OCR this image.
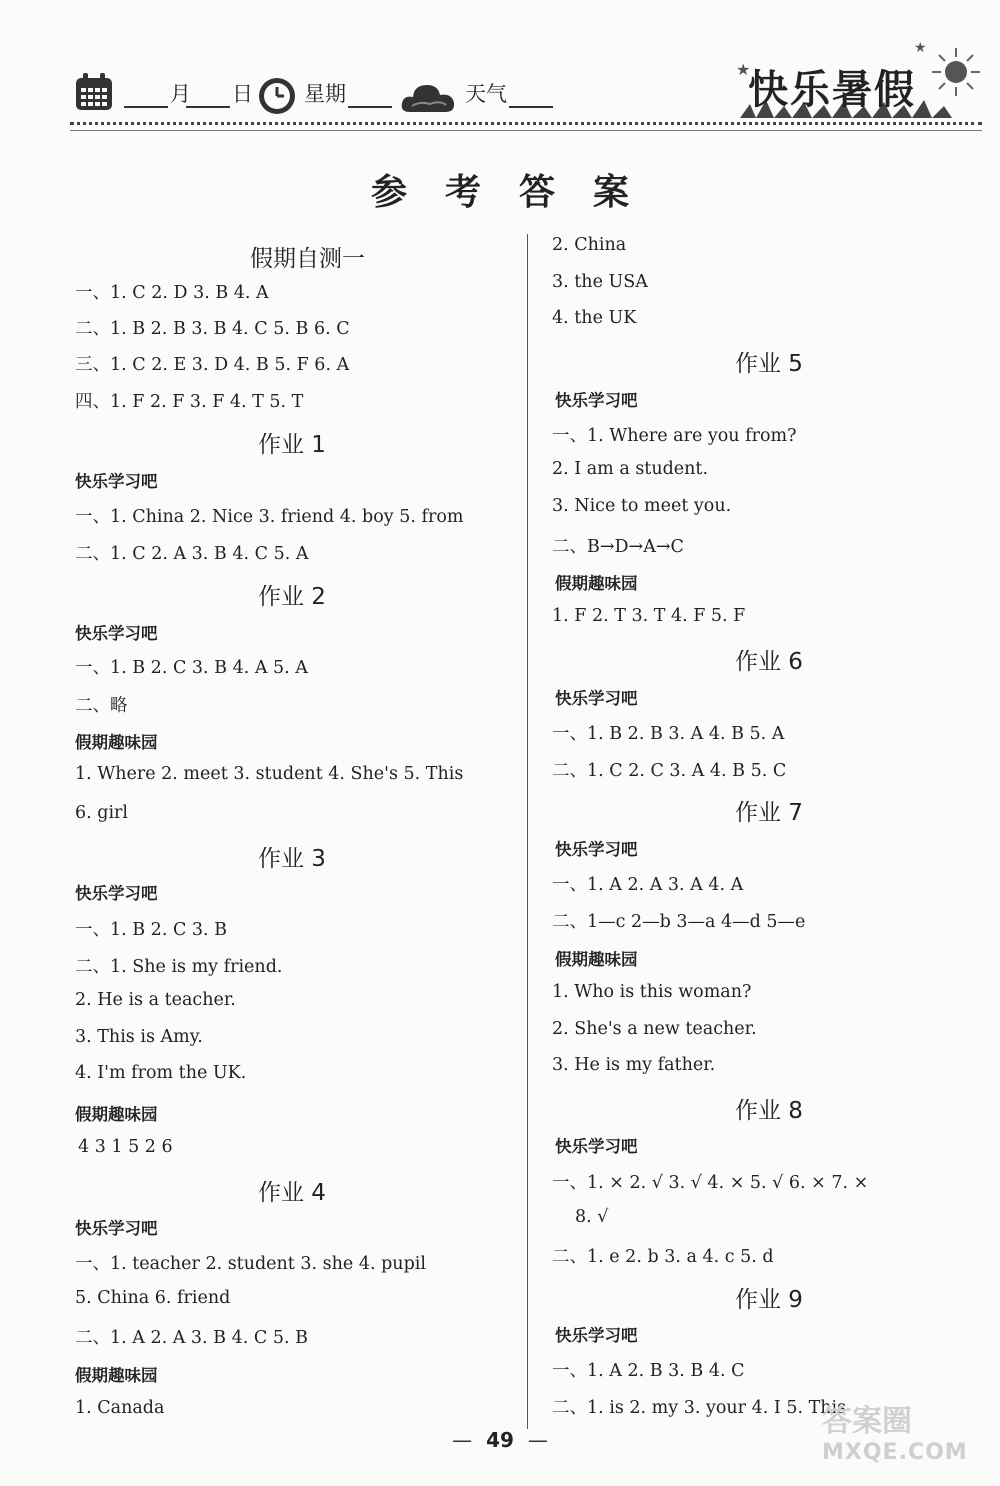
月	日 星期	天气
★
★
快乐暑假
参考答案
假期自测一
一、1. C 2. D 3. B 4. A
二、1. B 2. B 3. B 4. C 5. B 6. C
三、1. C 2. E 3. D 4. B 5. F 6. A
四、1. F 2. F 3. F 4. T 5. T
作业 1
快乐学习吧
一、1. China 2. Nice 3. friend 4. boy 5. from
二、1. C 2. A 3. B 4. C 5. A
作业 2
快乐学习吧
一、1. B 2. C 3. B 4. A 5. A
二、略
假期趣味园
1. Where 2. meet 3. student 4. She's 5. This
6. girl
作业 3
快乐学习吧
一、1. B 2. C 3. B
二、1. She is my friend.
2. He is a teacher.
3. This is Amy.
4. I'm from the UK.
假期趣味园
4 3 1 5 2 6
作业 4
快乐学习吧
一、1. teacher 2. student 3. she 4. pupil
5. China 6. friend
二、1. A 2. A 3. B 4. C 5. B
假期趣味园
1. Canada
2. China
3. the USA
4. the UK
作业 5
快乐学习吧
一、1. Where are you from?
2. I am a student.
3. Nice to meet you.
二、B→D→A→C
假期趣味园
1. F 2. T 3. T 4. F 5. F
作业 6
快乐学习吧
一、1. B 2. B 3. A 4. B 5. A
二、1. C 2. C 3. A 4. B 5. C
作业 7
快乐学习吧
一、1. A 2. A 3. A 4. A
二、1—c 2—b 3—a 4—d 5—e
假期趣味园
1. Who is this woman?
2. She's a new teacher.
3. He is my father.
作业 8
快乐学习吧
一、1. × 2. √ 3. √ 4. × 5. √ 6. × 7. ×
8. √
二、1. e 2. b 3. a 4. c 5. d
作业 9
快乐学习吧
一、1. A 2. B 3. B 4. C
二、1. is 2. my 3. your 4. I 5. This
— 49 —
答案圈
MXQE.COM
